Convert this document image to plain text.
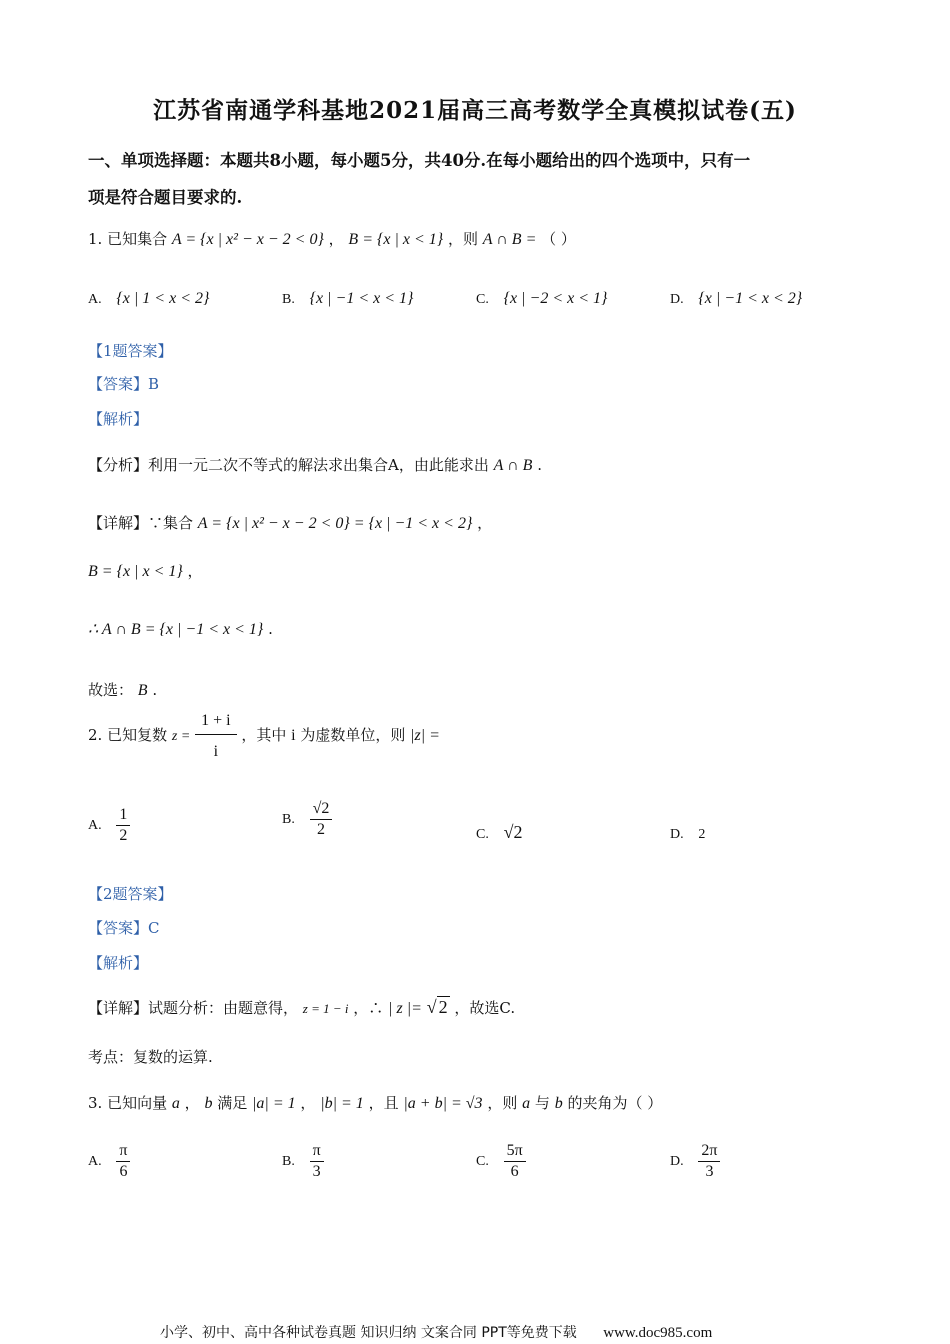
江苏省南通学科基地2021届高三高考数学全真模拟试卷(五)
一、单项选择题：本题共8小题，每小题5分，共40分.在每小题给出的四个选项中，只有一
项是符合题目要求的.
1. 已知集合 A = {x | x² − x − 2 < 0} ， B = {x | x < 1} ，则 A ∩ B = （ ）
A. {x | 1 < x < 2}	B. {x | −1 < x < 1}	C. {x | −2 < x < 1}	D. {x | −1 < x < 2}
【1题答案】
【答案】B
【解析】
【分析】利用一元二次不等式的解法求出集合A，由此能求出 A ∩ B .
【详解】∵集合 A = {x | x² − x − 2 < 0} = {x | −1 < x < 2} ，
B = {x | x < 1} ，
∴ A ∩ B = {x | −1 < x < 1} .
故选： B .
2. 已知复数 $z = \frac{1 + i}{i}$ ，其中 i 为虚数单位，则 |z| =
A. $\frac{1}{2}$	B. $\frac{√2}{2}$	C. √2	D. 2
【2题答案】
【答案】C
【解析】
【详解】试题分析：由题意得， z = 1 − i ，∴ | z |= √ 2 ，故选C.
考点：复数的运算.
3. 已知向量 a ， b 满足 |a| = 1 ， |b| = 1 ，且 |a + b| = √3 ，则 a 与 b 的夹角为（ ）
A. $\frac{\pi}{6}$	B. $\frac{\pi}{3}$	C. $\frac{5\pi}{6}$	D. $\frac{2\pi}{3}$
小学、初中、高中各种试卷真题 知识归纳 文案合同 PPT等免费下载 www.doc985.com
